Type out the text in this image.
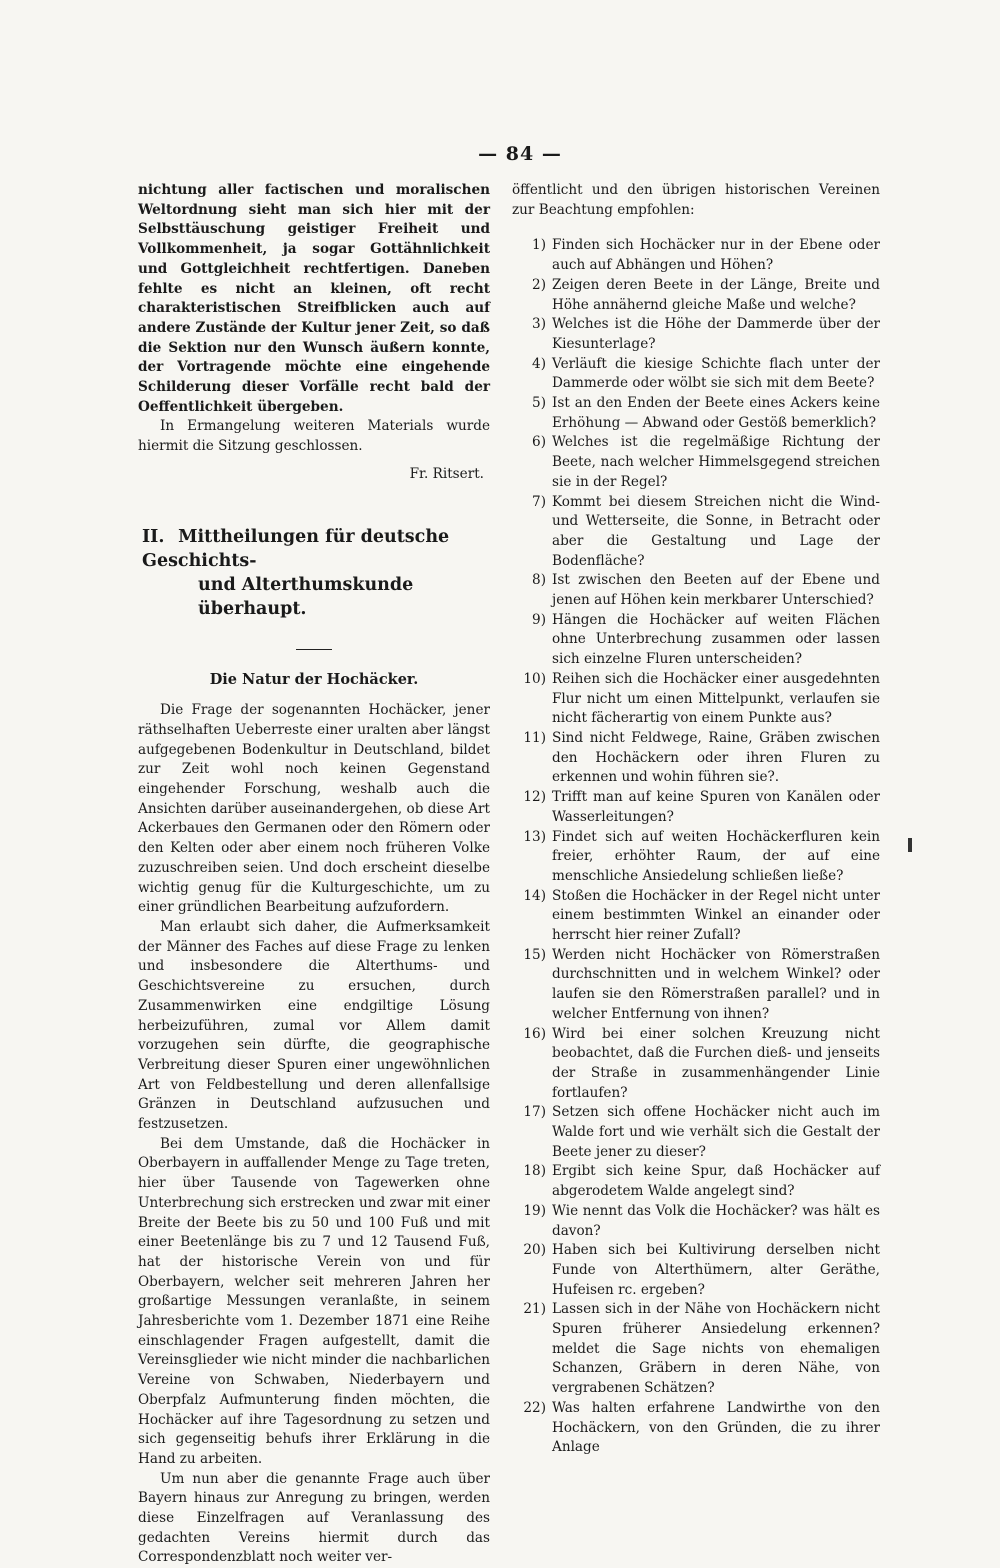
— 84 —

nichtung aller factischen und moralischen Weltordnung sieht man sich hier mit der Selbsttäuschung geistiger Freiheit und Vollkommenheit, ja sogar Gottähnlichkeit und Gottgleichheit rechtfertigen. Daneben fehlte es nicht an kleinen, oft recht charakteristischen Streifblicken auch auf andere Zustände der Kultur jener Zeit, so daß die Sektion nur den Wunsch äußern konnte, der Vortragende möchte eine eingehende Schilderung dieser Vorfälle recht bald der Oeffentlichkeit übergeben.

In Ermangelung weiteren Materials wurde hiermit die Sitzung geschlossen.

Fr. Ritsert.
II. Mittheilungen für deutsche Geschichts-
und Alterthumskunde überhaupt.
Die Natur der Hochäcker.

Die Frage der sogenannten Hochäcker, jener räthselhaften Ueberreste einer uralten aber längst aufgegebenen Bodenkultur in Deutschland, bildet zur Zeit wohl noch keinen Gegenstand eingehender Forschung, weshalb auch die Ansichten darüber auseinandergehen, ob diese Art Ackerbaues den Germanen oder den Römern oder den Kelten oder aber einem noch früheren Volke zuzuschreiben seien. Und doch erscheint dieselbe wichtig genug für die Kulturgeschichte, um zu einer gründlichen Bearbeitung aufzufordern.

Man erlaubt sich daher, die Aufmerksamkeit der Männer des Faches auf diese Frage zu lenken und insbesondere die Alterthums- und Geschichtsvereine zu ersuchen, durch Zusammenwirken eine endgiltige Lösung herbeizuführen, zumal vor Allem damit vorzugehen sein dürfte, die geographische Verbreitung dieser Spuren einer ungewöhnlichen Art von Feldbestellung und deren allenfallsige Gränzen in Deutschland aufzusuchen und festzusetzen.

Bei dem Umstande, daß die Hochäcker in Oberbayern in auffallender Menge zu Tage treten, hier über Tausende von Tagewerken ohne Unterbrechung sich erstrecken und zwar mit einer Breite der Beete bis zu 50 und 100 Fuß und mit einer Beetenlänge bis zu 7 und 12 Tausend Fuß, hat der historische Verein von und für Oberbayern, welcher seit mehreren Jahren her großartige Messungen veranlaßte, in seinem Jahresberichte vom 1. Dezember 1871 eine Reihe einschlagender Fragen aufgestellt, damit die Vereinsglieder wie nicht minder die nachbarlichen Vereine von Schwaben, Niederbayern und Oberpfalz Aufmunterung finden möchten, die Hochäcker auf ihre Tagesordnung zu setzen und sich gegenseitig behufs ihrer Erklärung in die Hand zu arbeiten.

Um nun aber die genannte Frage auch über Bayern hinaus zur Anregung zu bringen, werden diese Einzelfragen auf Veranlassung des gedachten Vereins hiermit durch das Correspondenzblatt noch weiter ver-

öffentlicht und den übrigen historischen Vereinen zur Beachtung empfohlen:

1) Finden sich Hochäcker nur in der Ebene oder auch auf Abhängen und Höhen?
2) Zeigen deren Beete in der Länge, Breite und Höhe annähernd gleiche Maße und welche?
3) Welches ist die Höhe der Dammerde über der Kiesunterlage?
4) Verläuft die kiesige Schichte flach unter der Dammerde oder wölbt sie sich mit dem Beete?
5) Ist an den Enden der Beete eines Ackers keine Erhöhung — Abwand oder Gestöß bemerklich?
6) Welches ist die regelmäßige Richtung der Beete, nach welcher Himmelsgegend streichen sie in der Regel?
7) Kommt bei diesem Streichen nicht die Wind- und Wetterseite, die Sonne, in Betracht oder aber die Gestaltung und Lage der Bodenfläche?
8) Ist zwischen den Beeten auf der Ebene und jenen auf Höhen kein merkbarer Unterschied?
9) Hängen die Hochäcker auf weiten Flächen ohne Unterbrechung zusammen oder lassen sich einzelne Fluren unterscheiden?
10) Reihen sich die Hochäcker einer ausgedehnten Flur nicht um einen Mittelpunkt, verlaufen sie nicht fächerartig von einem Punkte aus?
11) Sind nicht Feldwege, Raine, Gräben zwischen den Hochäckern oder ihren Fluren zu erkennen und wohin führen sie?.
12) Trifft man auf keine Spuren von Kanälen oder Wasserleitungen?
13) Findet sich auf weiten Hochäckerfluren kein freier, erhöhter Raum, der auf eine menschliche Ansiedelung schließen ließe?
14) Stoßen die Hochäcker in der Regel nicht unter einem bestimmten Winkel an einander oder herrscht hier reiner Zufall?
15) Werden nicht Hochäcker von Römerstraßen durchschnitten und in welchem Winkel? oder laufen sie den Römerstraßen parallel? und in welcher Entfernung von ihnen?
16) Wird bei einer solchen Kreuzung nicht beobachtet, daß die Furchen dieß- und jenseits der Straße in zusammenhängender Linie fortlaufen?
17) Setzen sich offene Hochäcker nicht auch im Walde fort und wie verhält sich die Gestalt der Beete jener zu dieser?
18) Ergibt sich keine Spur, daß Hochäcker auf abgerodetem Walde angelegt sind?
19) Wie nennt das Volk die Hochäcker? was hält es davon?
20) Haben sich bei Kultivirung derselben nicht Funde von Alterthümern, alter Geräthe, Hufeisen rc. ergeben?
21) Lassen sich in der Nähe von Hochäckern nicht Spuren früherer Ansiedelung erkennen? meldet die Sage nichts von ehemaligen Schanzen, Gräbern in deren Nähe, von vergrabenen Schätzen?
22) Was halten erfahrene Landwirthe von den Hochäckern, von den Gründen, die zu ihrer Anlage
